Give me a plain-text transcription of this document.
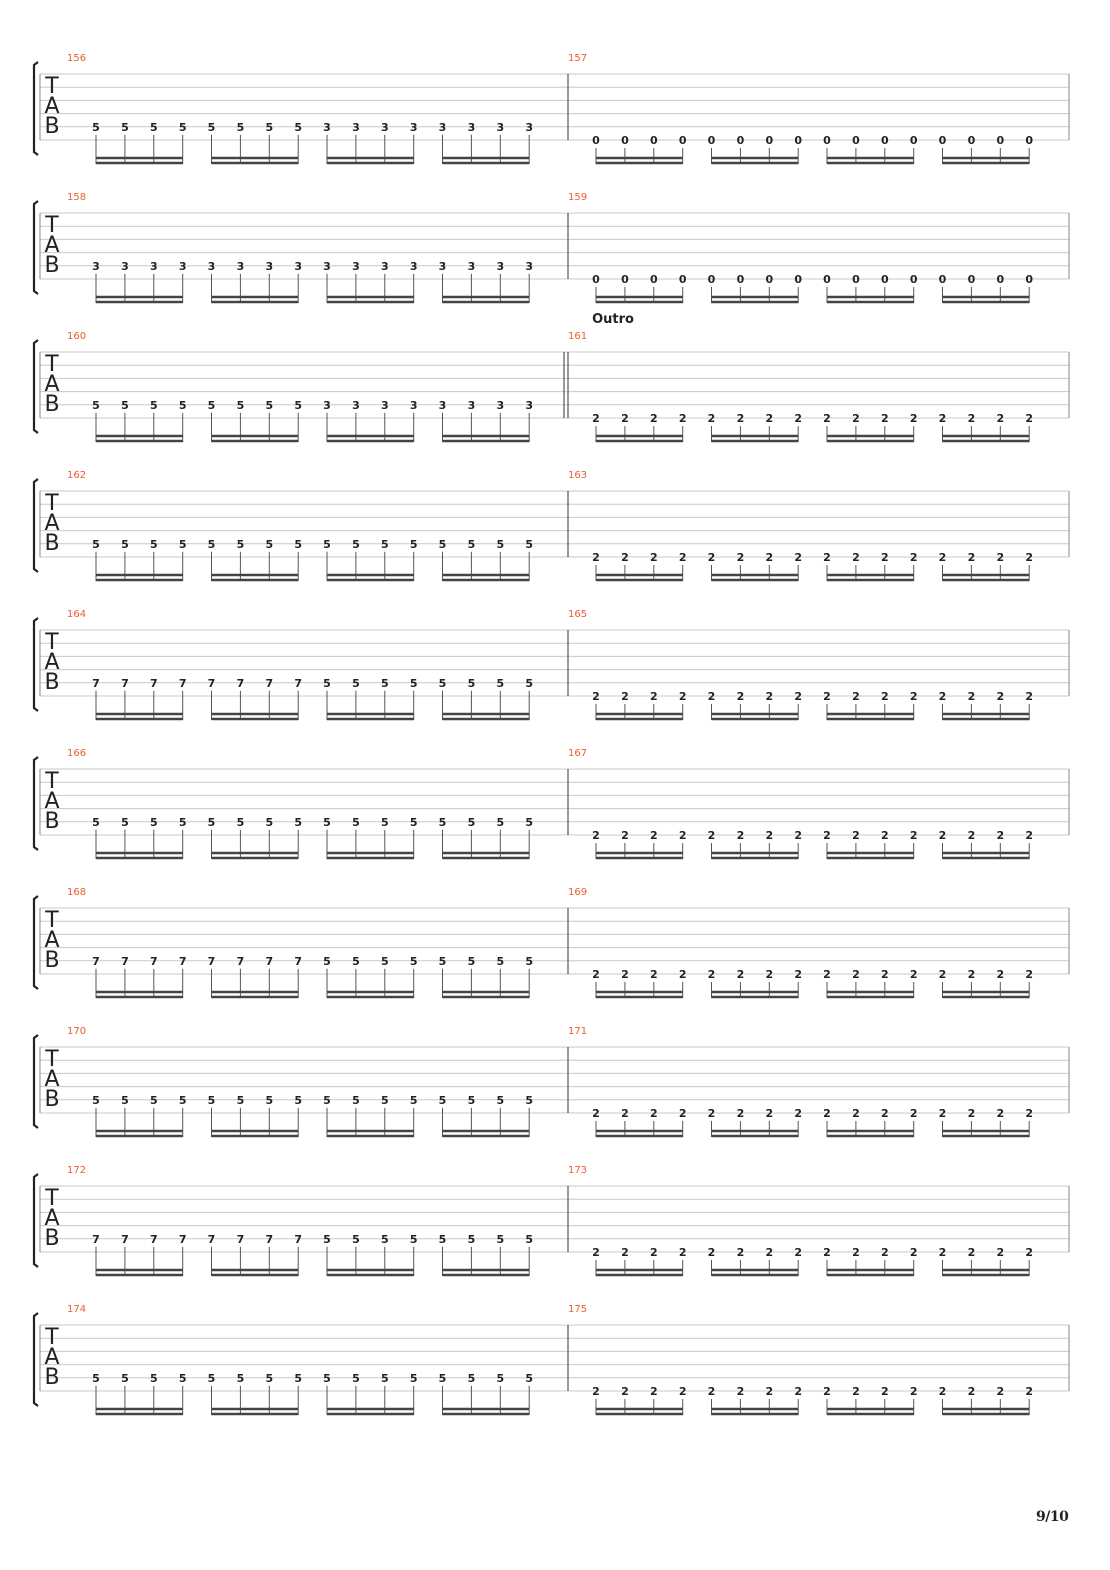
T
A
B
156
5 5 5 5 5 5 5 5 3 3 3 3 3 3 3 3
157
0 0 0 0 0 0 0 0 0 0 0 0 0 0 0 0
T
A
B
158
3 3 3 3 3 3 3 3 3 3 3 3 3 3 3 3
159
0 0 0 0 0 0 0 0 0 0 0 0 0 0 0 0
T
A
B
Outro
160
5 5 5 5 5 5 5 5 3 3 3 3 3 3 3 3
161
2 2 2 2 2 2 2 2 2 2 2 2 2 2 2 2
T
A
B
162
5 5 5 5 5 5 5 5 5 5 5 5 5 5 5 5
163
2 2 2 2 2 2 2 2 2 2 2 2 2 2 2 2
T
A
B
164
7 7 7 7 7 7 7 7 5 5 5 5 5 5 5 5
165
2 2 2 2 2 2 2 2 2 2 2 2 2 2 2 2
T
A
B
166
5 5 5 5 5 5 5 5 5 5 5 5 5 5 5 5
167
2 2 2 2 2 2 2 2 2 2 2 2 2 2 2 2
T
A
B
168
7 7 7 7 7 7 7 7 5 5 5 5 5 5 5 5
169
2 2 2 2 2 2 2 2 2 2 2 2 2 2 2 2
T
A
B
170
5 5 5 5 5 5 5 5 5 5 5 5 5 5 5 5
171
2 2 2 2 2 2 2 2 2 2 2 2 2 2 2 2
T
A
B
172
7 7 7 7 7 7 7 7 5 5 5 5 5 5 5 5
173
2 2 2 2 2 2 2 2 2 2 2 2 2 2 2 2
T
A
B
174
5 5 5 5 5 5 5 5 5 5 5 5 5 5 5 5
175
2 2 2 2 2 2 2 2 2 2 2 2 2 2 2 2
9/10
